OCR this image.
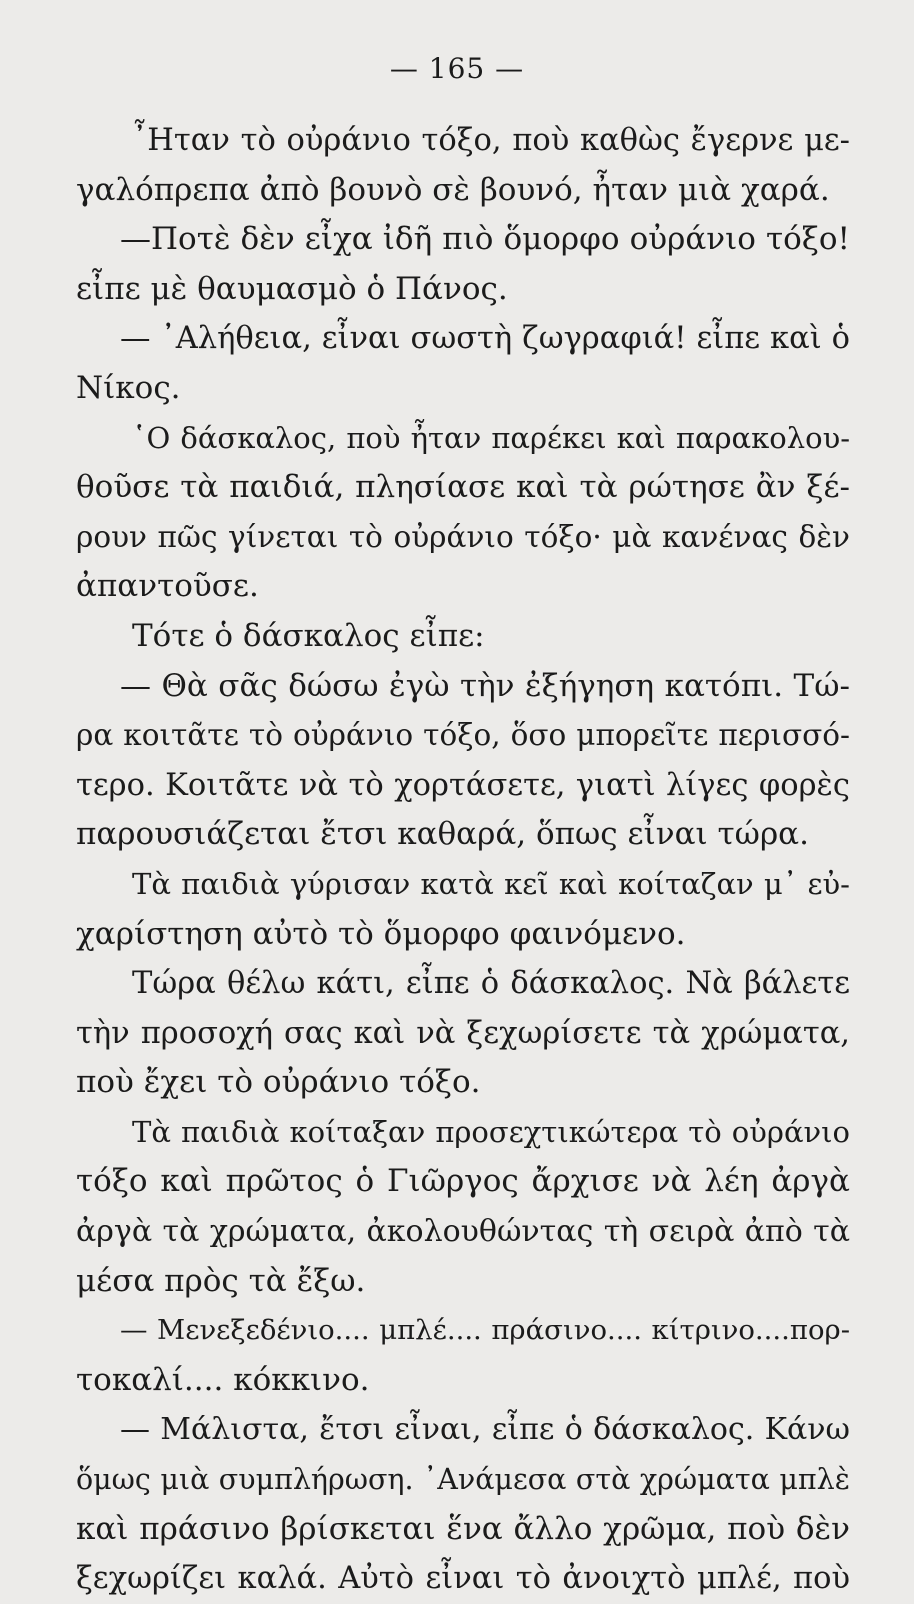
— 165 —
῏Ηταν τὸ οὐράνιο τόξο, ποὺ καθὼς ἔγερνε με-
γαλόπρεπα ἀπὸ βουνὸ σὲ βουνό, ἦταν μιὰ χαρά.
—Ποτὲ δὲν εἶχα ἰδῆ πιὸ ὅμορφο οὐράνιο τόξο!
εἶπε μὲ θαυμασμὸ ὁ Πάνος.
— ᾿Αλήθεια, εἶναι σωστὴ ζωγραφιά! εἶπε καὶ ὁ
Νίκος.
῾Ο δάσκαλος, ποὺ ἦταν παρέκει καὶ παρακολου-
θοῦσε τὰ παιδιά, πλησίασε καὶ τὰ ρώτησε ἂν ξέ-
ρουν πῶς γίνεται τὸ οὐράνιο τόξο· μὰ κανένας δὲν
ἀπαντοῦσε.
Τότε ὁ δάσκαλος εἶπε:
— Θὰ σᾶς δώσω ἐγὼ τὴν ἐξήγηση κατόπι. Τώ-
ρα κοιτᾶτε τὸ οὐράνιο τόξο, ὅσο μπορεῖτε περισσό-
τερο. Κοιτᾶτε νὰ τὸ χορτάσετε, γιατὶ λίγες φορὲς
παρουσιάζεται ἔτσι καθαρά, ὅπως εἶναι τώρα.
Τὰ παιδιὰ γύρισαν κατὰ κεῖ καὶ κοίταζαν μ᾿ εὐ-
χαρίστηση αὐτὸ τὸ ὅμορφο φαινόμενο.
Τώρα θέλω κάτι, εἶπε ὁ δάσκαλος. Νὰ βάλετε
τὴν προσοχή σας καὶ νὰ ξεχωρίσετε τὰ χρώματα,
ποὺ ἔχει τὸ οὐράνιο τόξο.
Τὰ παιδιὰ κοίταξαν προσεχτικώτερα τὸ οὐράνιο
τόξο καὶ πρῶτος ὁ Γιῶργος ἄρχισε νὰ λέη ἀργὰ
ἀργὰ τὰ χρώματα, ἀκολουθώντας τὴ σειρὰ ἀπὸ τὰ
μέσα πρὸς τὰ ἔξω.
— Μενεξεδένιο.... μπλέ.... πράσινο.... κίτρινο....πορ-
τοκαλί.... κόκκινο.
— Μάλιστα, ἔτσι εἶναι, εἶπε ὁ δάσκαλος. Κάνω
ὅμως μιὰ συμπλήρωση. ᾿Ανάμεσα στὰ χρώματα μπλὲ
καὶ πράσινο βρίσκεται ἕνα ἄλλο χρῶμα, ποὺ δὲν
ξεχωρίζει καλά. Αὐτὸ εἶναι τὸ ἀνοιχτὸ μπλέ, ποὺ
